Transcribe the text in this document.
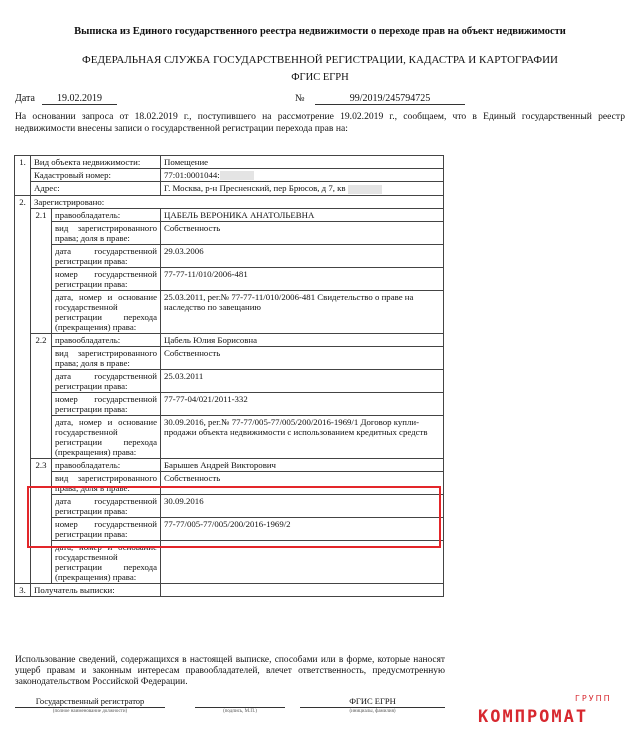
Выписка из Единого государственного реестра недвижимости о переходе прав на объект недвижимости
ФЕДЕРАЛЬНАЯ СЛУЖБА ГОСУДАРСТВЕННОЙ РЕГИСТРАЦИИ, КАДАСТРА И КАРТОГРАФИИ
ФГИС ЕГРН
Дата	19.02.2019	№	99/2019/245794725
На основании запроса от 18.02.2019 г., поступившего на рассмотрение 19.02.2019 г., сообщаем, что в Единый государственный реестр недвижимости внесены записи о государственной регистрации перехода прав на:
1.	Вид объекта недвижимости:		Помещение
	Кадастровый номер:		77:01:0001044:
	Адрес:		Г. Москва, р-н Пресненский, пер Брюсов, д 7, кв
2.	Зарегистрировано:		
	2.1	правообладатель:	ЦАБЕЛЬ ВЕРОНИКА АНАТОЛЬЕВНА
		вид зарегистрированного права; доля в праве:	Собственность
		дата государственной регистрации права:	29.03.2006
		номер государственной регистрации права:	77-77-11/010/2006-481
		дата, номер и основание государственной регистрации перехода (прекращения) права:	25.03.2011, рег.№ 77-77-11/010/2006-481 Свидетельство о праве на наследство по завещанию
	2.2	правообладатель:	Цабель Юлия Борисовна
		вид зарегистрированного права; доля в праве:	Собственность
		дата государственной регистрации права:	25.03.2011
		номер государственной регистрации права:	77-77-04/021/2011-332
		дата, номер и основание государственной регистрации перехода (прекращения) права:	30.09.2016, рег.№ 77-77/005-77/005/200/2016-1969/1 Договор купли-продажи объекта недвижимости с использованием кредитных средств
	2.3	правообладатель:	Барышев Андрей Викторович
		вид зарегистрированного права; доля в праве:	Собственность
		дата государственной регистрации права:	30.09.2016
		номер государственной регистрации права:	77-77/005-77/005/200/2016-1969/2
		дата, номер и основание государственной регистрации перехода (прекращения) права:	
3.	Получатель выписки:		
Использование сведений, содержащихся в настоящей выписке, способами или в форме, которые наносят ущерб правам и законным интересам правообладателей, влечет ответственность, предусмотренную законодательством Российской Федерации.
Государственный регистратор
(полное наименование должности)
	(подпись, М.П.)
ФГИС ЕГРН
(инициалы, фамилия)
ГРУПП
КОМПРОМАТ
